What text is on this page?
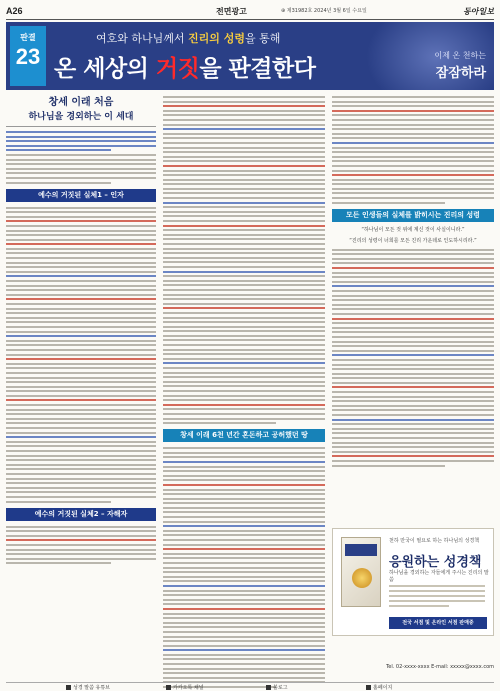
A26	전면광고	⊕ 제31982호 2024년 3월 6일 수요일	동아일보
판결
23
여호와 하나님께서 진리의 성령을 통해
온 세상의 거짓을 판결한다
이제 온 천하는
잠잠하라
창세 이래 처음
하나님을 경외하는 이 세대
예수의 거짓된 실체1 – 인자
예수의 거짓된 실체2 – 자해자
창세 이래 6천 년간 혼돈하고 공허했던 땅
모든 인생들의 실체를 밝히시는 진리의 성령
“하나님이 모든 것 위에 계신 것이 사실이니라.”
“진리의 성령이 너희를 모든 진리 가운데로 인도하시리라.”
천하 만국이 필요로 하는 하나님의 성경책
응원하는 성경책
하나님을 경외하는 자들에게 주시는 진리의 말씀
전국 서점 및 온라인 서점 판매중
Tel. 02-xxxx-xxxx E-mail: xxxxx@xxxx.com
성경 말씀 유튜브	카카오톡 채널	블로그	홈페이지
